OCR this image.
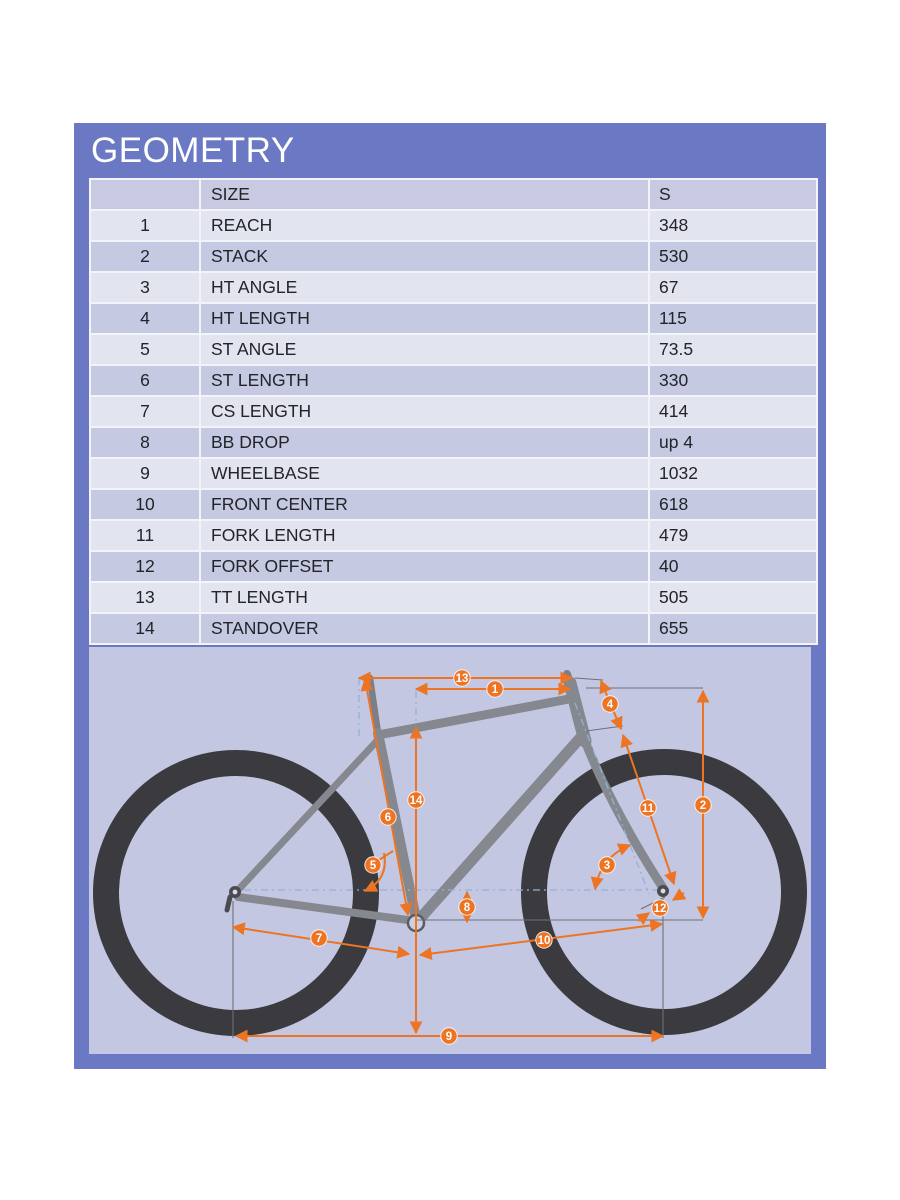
GEOMETRY
	SIZE	S
1	REACH	348
2	STACK	530
3	HT ANGLE	67
4	HT LENGTH	115
5	ST ANGLE	73.5
6	ST LENGTH	330
7	CS LENGTH	414
8	BB DROP	up 4
9	WHEELBASE	1032
10	FRONT CENTER	618
11	FORK LENGTH	479
12	FORK OFFSET	40
13	TT LENGTH	505
14	STANDOVER	655
1
2
3
4
5
6
7
8
9
10
11
12
13
14
